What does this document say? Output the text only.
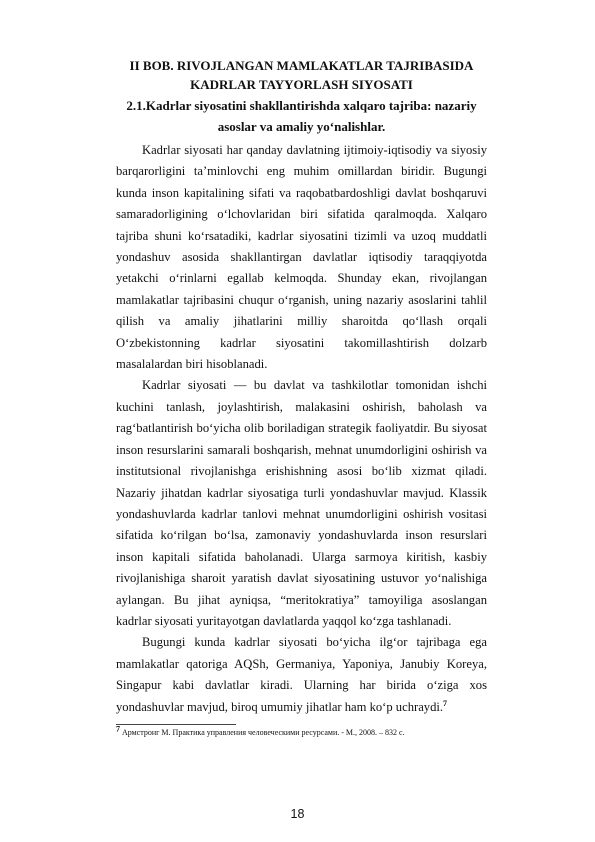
II BOB. RIVOJLANGAN MAMLAKATLAR TAJRIBASIDA

KADRLAR TAYYORLASH SIYOSATI

2.1.Kadrlar siyosatini shakllantirishda xalqaro tajriba: nazariy asoslar va amaliy yo‘nalishlar.

Kadrlar siyosati har qanday davlatning ijtimoiy-iqtisodiy va siyosiy barqarorligini ta’minlovchi eng muhim omillardan biridir. Bugungi kunda inson kapitalining sifati va raqobatbardoshligi davlat boshqaruvi samaradorligining o‘lchovlaridan biri sifatida qaralmoqda. Xalqaro tajriba shuni ko‘rsatadiki, kadrlar siyosatini tizimli va uzoq muddatli yondashuv asosida shakllantirgan davlatlar iqtisodiy taraqqiyotda yetakchi o‘rinlarni egallab kelmoqda. Shunday ekan, rivojlangan mamlakatlar tajribasini chuqur o‘rganish, uning nazariy asoslarini tahlil qilish va amaliy jihatlarini milliy sharoitda qo‘llash orqali O‘zbekistonning kadrlar siyosatini takomillashtirish dolzarb masalalardan biri hisoblanadi.

Kadrlar siyosati — bu davlat va tashkilotlar tomonidan ishchi kuchini tanlash, joylashtirish, malakasini oshirish, baholash va rag‘batlantirish bo‘yicha olib boriladigan strategik faoliyatdir. Bu siyosat inson resurslarini samarali boshqarish, mehnat unumdorligini oshirish va institutsional rivojlanishga erishishning asosi bo‘lib xizmat qiladi. Nazariy jihatdan kadrlar siyosatiga turli yondashuvlar mavjud. Klassik yondashuvlarda kadrlar tanlovi mehnat unumdorligini oshirish vositasi sifatida ko‘rilgan bo‘lsa, zamonaviy yondashuvlarda inson resurslari inson kapitali sifatida baholanadi. Ularga sarmoya kiritish, kasbiy rivojlanishiga sharoit yaratish davlat siyosatining ustuvor yo‘nalishiga aylangan. Bu jihat ayniqsa, “meritokratiya” tamoyiliga asoslangan kadrlar siyosati yuritayotgan davlatlarda yaqqol ko‘zga tashlanadi.

Bugungi kunda kadrlar siyosati bo‘yicha ilg‘or tajribaga ega mamlakatlar qatoriga AQSh, Germaniya, Yaponiya, Janubiy Koreya, Singapur kabi davlatlar kiradi. Ularning har birida o‘ziga xos yondashuvlar mavjud, biroq umumiy jihatlar ham ko‘p uchraydi.$^7$

$^7$ Армстронг М. Практика управления человеческими ресурсами. - М., 2008. – 832 с.

18
